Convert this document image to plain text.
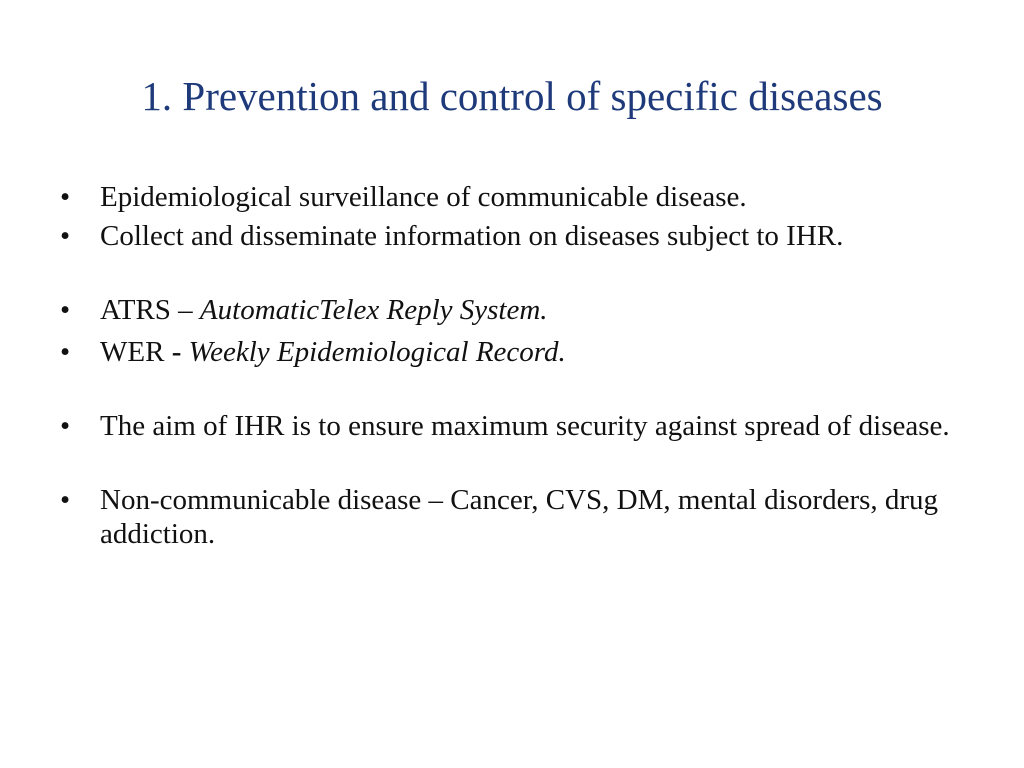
1. Prevention and control of specific diseases
• Epidemiological surveillance of communicable disease.
• Collect and disseminate information on diseases subject to IHR.
• ATRS – AutomaticTelex Reply System.
• WER - Weekly Epidemiological Record.
• The aim of IHR is to ensure maximum security against spread of disease.
• Non-communicable disease – Cancer, CVS, DM, mental disorders, drug addiction.
